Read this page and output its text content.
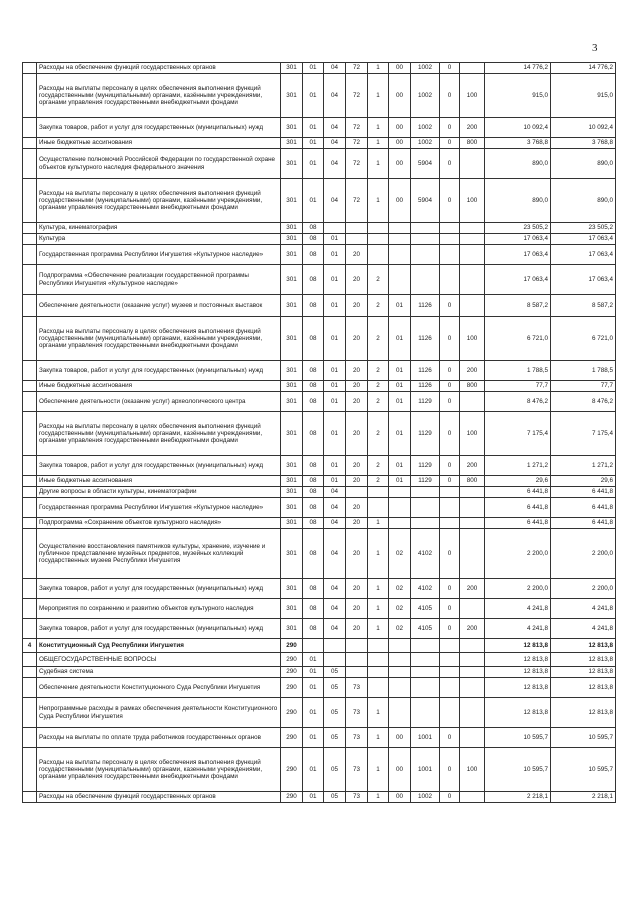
3
	Расходы на обеспечение функций государственных органов	301	01	04	72	1	00	1002	0		14 776,2	14 776,2
	Расходы на выплаты персоналу в целях обеспечения выполнения функций государственными (муниципальными) органами, казёнными учреждениями, органами управления государственными внебюджетными фондами	301	01	04	72	1	00	1002	0	100	915,0	915,0
	Закупка товаров, работ и услуг для государственных (муниципальных) нужд	301	01	04	72	1	00	1002	0	200	10 092,4	10 092,4
	Иные бюджетные ассигнования	301	01	04	72	1	00	1002	0	800	3 768,8	3 768,8
	Осуществление полномочий Российской Федерации по государственной охране объектов культурного наследия федерального значения	301	01	04	72	1	00	5904	0		890,0	890,0
	Расходы на выплаты персоналу в целях обеспечения выполнения функций государственными (муниципальными) органами, казёнными учреждениями, органами управления государственными внебюджетными фондами	301	01	04	72	1	00	5904	0	100	890,0	890,0
	Культура, кинематография	301	08								23 505,2	23 505,2
	Культура	301	08	01							17 063,4	17 063,4
	Государственная программа Республики Ингушетия «Культурное наследие»	301	08	01	20						17 063,4	17 063,4
	Подпрограмма «Обеспечение реализации государственной программы Республики Ингушетия «Культурное наследие»	301	08	01	20	2					17 063,4	17 063,4
	Обеспечение деятельности (оказание услуг) музеев и постоянных выставок	301	08	01	20	2	01	1126	0		8 587,2	8 587,2
	Расходы на выплаты персоналу в целях обеспечения выполнения функций государственными (муниципальными) органами, казёнными учреждениями, органами управления государственными внебюджетными фондами	301	08	01	20	2	01	1126	0	100	6 721,0	6 721,0
	Закупка товаров, работ и услуг для государственных (муниципальных) нужд	301	08	01	20	2	01	1126	0	200	1 788,5	1 788,5
	Иные бюджетные ассигнования	301	08	01	20	2	01	1126	0	800	77,7	77,7
	Обеспечение деятельности (оказание услуг) археологического центра	301	08	01	20	2	01	1129	0		8 476,2	8 476,2
	Расходы на выплаты персоналу в целях обеспечения выполнения функций государственными (муниципальными) органами, казёнными учреждениями, органами управления государственными внебюджетными фондами	301	08	01	20	2	01	1129	0	100	7 175,4	7 175,4
	Закупка товаров, работ и услуг для государственных (муниципальных) нужд	301	08	01	20	2	01	1129	0	200	1 271,2	1 271,2
	Иные бюджетные ассигнования	301	08	01	20	2	01	1129	0	800	29,6	29,6
	Другие вопросы в области культуры, кинематографии	301	08	04							6 441,8	6 441,8
	Государственная программа Республики Ингушетия «Культурное наследие»	301	08	04	20						6 441,8	6 441,8
	Подпрограмма «Сохранение объектов культурного наследия»	301	08	04	20	1					6 441,8	6 441,8
	Осуществление восстановления памятников культуры, хранение, изучение и публичное представление музейных предметов, музейных коллекций государственных музеев Республики Ингушетия	301	08	04	20	1	02	4102	0		2 200,0	2 200,0
	Закупка товаров, работ и услуг для государственных (муниципальных) нужд	301	08	04	20	1	02	4102	0	200	2 200,0	2 200,0
	Мероприятия по сохранению и развитию объектов культурного наследия	301	08	04	20	1	02	4105	0		4 241,8	4 241,8
	Закупка товаров, работ и услуг для государственных (муниципальных) нужд	301	08	04	20	1	02	4105	0	200	4 241,8	4 241,8
4	Конституционный Суд Республики Ингушетия	290									12 813,8	12 813,8
	ОБЩЕГОСУДАРСТВЕННЫЕ ВОПРОСЫ	290	01								12 813,8	12 813,8
	Судебная система	290	01	05							12 813,8	12 813,8
	Обеспечение деятельности Конституционного Суда Республики Ингушетия	290	01	05	73						12 813,8	12 813,8
	Непрограммные расходы в рамках обеспечения деятельности Конституционного Суда Республики Ингушетия	290	01	05	73	1					12 813,8	12 813,8
	Расходы на выплаты по оплате труда работников государственных органов	290	01	05	73	1	00	1001	0		10 595,7	10 595,7
	Расходы на выплаты персоналу в целях обеспечения выполнения функций государственными (муниципальными) органами, казенными учреждениями, органами управления государственными внебюджетными фондами	290	01	05	73	1	00	1001	0	100	10 595,7	10 595,7
	Расходы на обеспечение функций государственных органов	290	01	05	73	1	00	1002	0		2 218,1	2 218,1
